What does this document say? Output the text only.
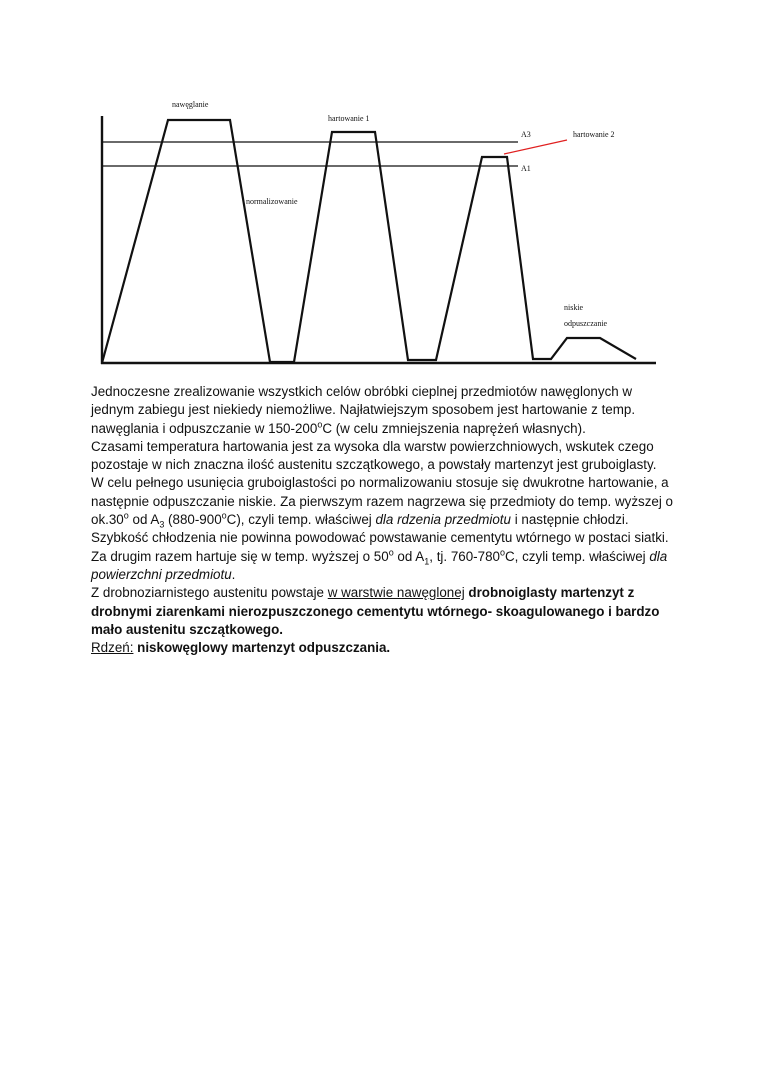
nawęglanie
hartowanie 1
hartowanie 2
normalizowanie
A3
A1
niskie
odpuszczanie

Jednoczesne zrealizowanie wszystkich celów obróbki cieplnej przedmiotów nawęglonych w jednym zabiegu jest niekiedy niemożliwe. Najłatwiejszym sposobem jest hartowanie z temp. nawęglania i odpuszczanie w 150-200$^o$C (w celu zmniejszenia naprężeń własnych).

Czasami temperatura hartowania jest za wysoka dla warstw powierzchniowych, wskutek czego pozostaje w nich znaczna ilość austenitu szczątkowego, a powstały martenzyt jest gruboiglasty.

W celu pełnego usunięcia gruboiglastości po normalizowaniu stosuje się dwukrotne hartowanie, a następnie odpuszczanie niskie. Za pierwszym razem nagrzewa się przedmioty do temp. wyższej o ok.30$^o$ od $A_3$ (880-900$^o$C), czyli temp. właściwej dla rdzenia przedmiotu i następnie chłodzi. Szybkość chłodzenia nie powinna powodować powstawanie cementytu wtórnego w postaci siatki. Za drugim razem hartuje się w temp. wyższej o 50$^o$ od $A_1$, tj. 760-780$^o$C, czyli temp. właściwej dla powierzchni przedmiotu.

Z drobnoziarnistego austenitu powstaje w warstwie nawęglonej drobnoiglasty martenzyt z drobnymi ziarenkami nierozpuszczonego cementytu wtórnego- skoagulowanego i bardzo mało austenitu szczątkowego.

Rdzeń: niskowęglowy martenzyt odpuszczania.
